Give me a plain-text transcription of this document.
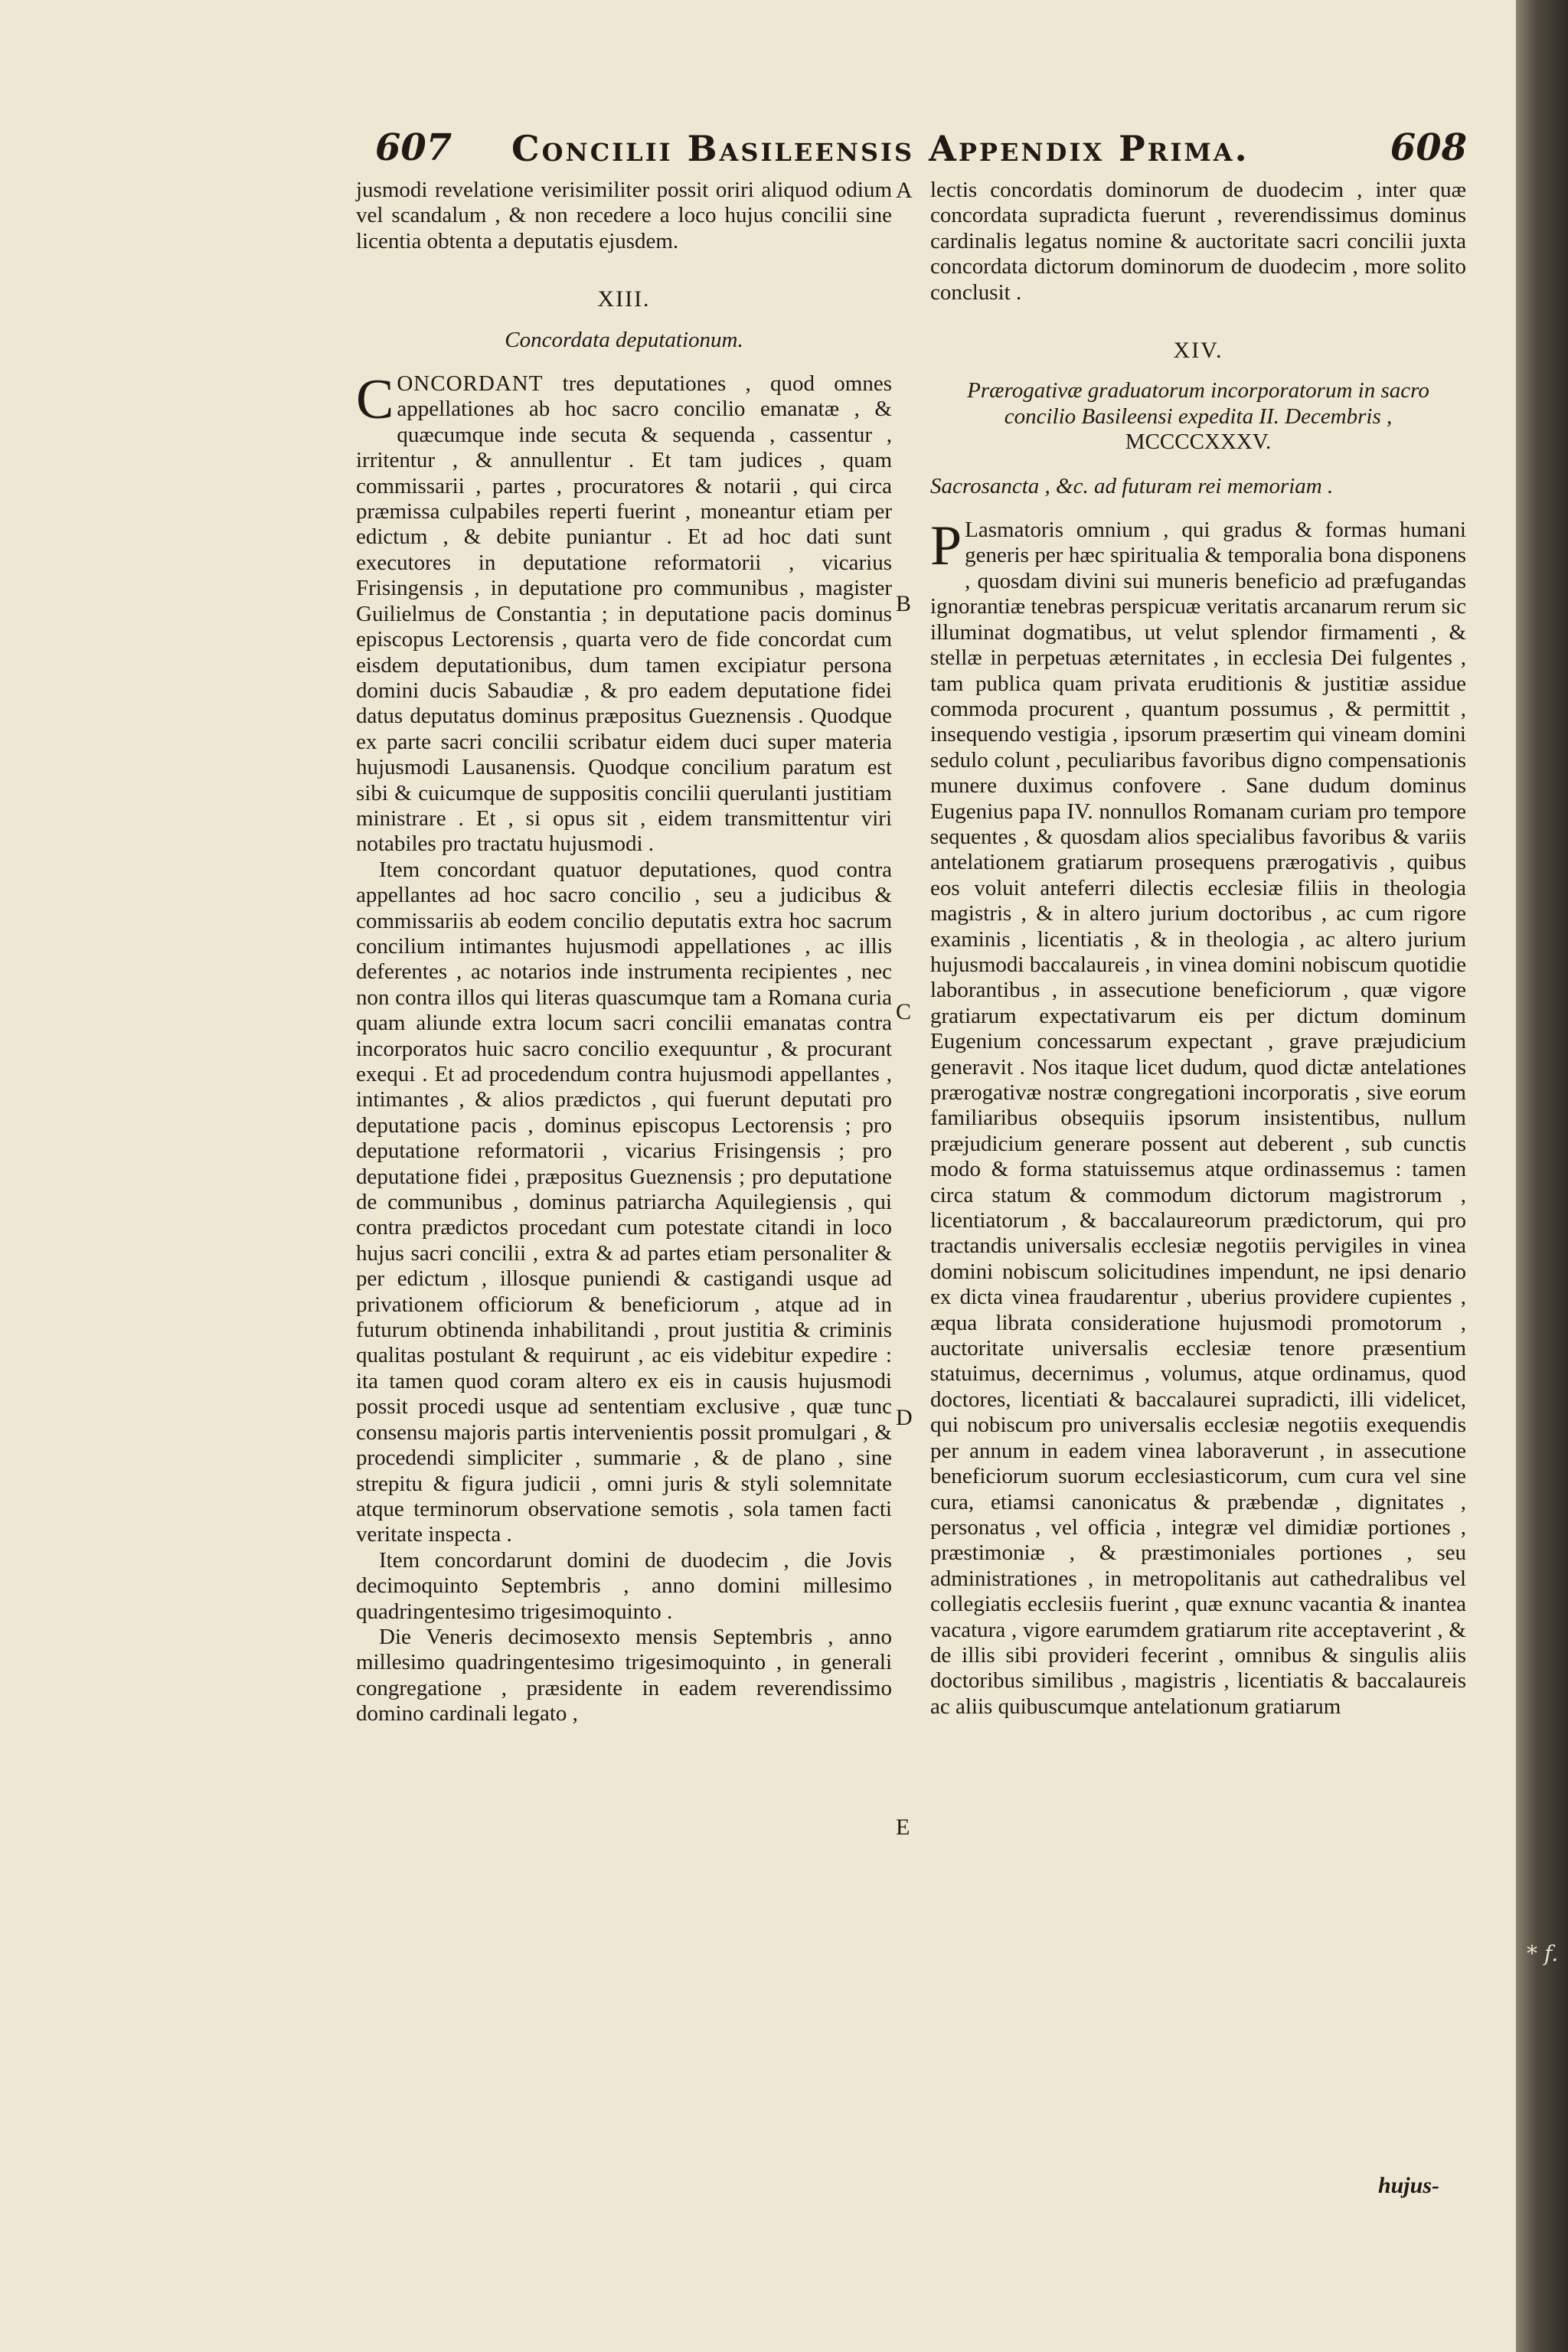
607 Concilii Basileensis Appendix Prima.	608

jusmodi revelatione verisimiliter possit oriri aliquod odium vel scandalum , & non recedere a loco hujus concilii sine licentia obtenta a deputatis ejusdem.

XIII.
Concordata deputationum.

CONCORDANT tres deputationes , quod omnes appellationes ab hoc sacro concilio emanatæ , & quæcumque inde secuta & sequenda , cassentur , irritentur , & annullentur . Et tam judices , quam commissarii , partes , procuratores & notarii , qui circa præmissa culpabiles reperti fuerint , moneantur etiam per edictum , & debite puniantur . Et ad hoc dati sunt executores in deputatione reformatorii , vicarius Frisingensis , in deputatione pro communibus , magister Guilielmus de Constantia ; in deputatione pacis dominus episcopus Lectorensis , quarta vero de fide concordat cum eisdem deputationibus, dum tamen excipiatur persona domini ducis Sabaudiæ , & pro eadem deputatione fidei datus deputatus dominus præpositus Gueznensis . Quodque ex parte sacri concilii scribatur eidem duci super materia hujusmodi Lausanensis. Quodque concilium paratum est sibi & cuicumque de suppositis concilii querulanti justitiam ministrare . Et , si opus sit , eidem transmittentur viri notabiles pro tractatu hujusmodi .

Item concordant quatuor deputationes, quod contra appellantes ad hoc sacro concilio , seu a judicibus & commissariis ab eodem concilio deputatis extra hoc sacrum concilium intimantes hujusmodi appellationes , ac illis deferentes , ac notarios inde instrumenta recipientes , nec non contra illos qui literas quascumque tam a Romana curia quam aliunde extra locum sacri concilii emanatas contra incorporatos huic sacro concilio exequuntur , & procurant exequi . Et ad procedendum contra hujusmodi appellantes , intimantes , & alios prædictos , qui fuerunt deputati pro deputatione pacis , dominus episcopus Lectorensis ; pro deputatione reformatorii , vicarius Frisingensis ; pro deputatione fidei , præpositus Gueznensis ; pro deputatione de communibus , dominus patriarcha Aquilegiensis , qui contra prædictos procedant cum potestate citandi in loco hujus sacri concilii , extra & ad partes etiam personaliter & per edictum , illosque puniendi & castigandi usque ad privationem officiorum & beneficiorum , atque ad in futurum obtinenda inhabilitandi , prout justitia & criminis qualitas postulant & requirunt , ac eis videbitur expedire : ita tamen quod coram altero ex eis in causis hujusmodi possit procedi usque ad sententiam exclusive , quæ tunc consensu majoris partis intervenientis possit promulgari , & procedendi simpliciter , summarie , & de plano , sine strepitu & figura judicii , omni juris & styli solemnitate atque terminorum observatione semotis , sola tamen facti veritate inspecta .

Item concordarunt domini de duodecim , die Jovis decimoquinto Septembris , anno domini millesimo quadringentesimo trigesimoquinto .

Die Veneris decimosexto mensis Septembris , anno millesimo quadringentesimo trigesimoquinto , in generali congregatione , præsidente in eadem reverendissimo domino cardinali legato ,

A
B
C
D
E

lectis concordatis dominorum de duodecim , inter quæ concordata supradicta fuerunt , reverendissimus dominus cardinalis legatus nomine & auctoritate sacri concilii juxta concordata dictorum dominorum de duodecim , more solito conclusit .

XIV.
Prærogativæ graduatorum incorporatorum in sacro concilio Basileensi expedita II. Decembris , MCCCCXXXV.
Sacrosancta , &c. ad futuram rei memoriam .

P Lasmatoris omnium , qui gradus & formas humani generis per hæc spiritualia & temporalia bona disponens , quosdam divini sui muneris beneficio ad præfugandas ignorantiæ tenebras perspicuæ veritatis arcanarum rerum sic illuminat dogmatibus, ut velut splendor firmamenti , & stellæ in perpetuas æternitates , in ecclesia Dei fulgentes , tam publica quam privata eruditionis & justitiæ assidue commoda procurent , quantum possumus , & permittit , insequendo vestigia , ipsorum præsertim qui vineam domini sedulo colunt , peculiaribus favoribus digno compensationis munere duximus confovere . Sane dudum dominus Eugenius papa IV. nonnullos Romanam curiam pro tempore sequentes , & quosdam alios specialibus favoribus & variis antelationem gratiarum prosequens prærogativis , quibus eos voluit anteferri dilectis ecclesiæ filiis in theologia magistris , & in altero jurium doctoribus , ac cum rigore examinis , licentiatis , & in theologia , ac altero jurium hujusmodi baccalaureis , in vinea domini nobiscum quotidie laborantibus , in assecutione beneficiorum , quæ vigore gratiarum expectativarum eis per dictum dominum Eugenium concessarum expectant , grave præjudicium generavit . Nos itaque licet dudum, quod dictæ antelationes prærogativæ nostræ congregationi incorporatis , sive eorum familiaribus obsequiis ipsorum insistentibus, nullum præjudicium generare possent aut deberent , sub cunctis modo & forma statuissemus atque ordinassemus : tamen circa statum & commodum dictorum magistrorum , licentiatorum , & baccalaureorum prædictorum, qui pro tractandis universalis ecclesiæ negotiis pervigiles in vinea domini nobiscum solicitudines impendunt, ne ipsi denario ex dicta vinea fraudarentur , uberius providere cupientes , æqua librata consideratione hujusmodi promotorum , auctoritate universalis ecclesiæ tenore præsentium statuimus, decernimus , volumus, atque ordinamus, quod doctores, licentiati & baccalaurei supradicti, illi videlicet, qui nobiscum pro universalis ecclesiæ negotiis exequendis per annum in eadem vinea laboraverunt , in assecutione beneficiorum suorum ecclesiasticorum, cum cura vel sine cura, etiamsi canonicatus & præbendæ , dignitates , personatus , vel officia , integræ vel dimidiæ portiones , præstimoniæ , & præstimoniales portiones , seu administrationes , in metropolitanis aut cathedralibus vel collegiatis ecclesiis fuerint , quæ exnunc vacantia & inantea vacatura , vigore earumdem gratiarum rite acceptaverint , & de illis sibi provideri fecerint , omnibus & singulis aliis doctoribus similibus , magistris , licentiatis & baccalaureis ac aliis quibuscumque antelationum gratiarum

hujus-
* f.
